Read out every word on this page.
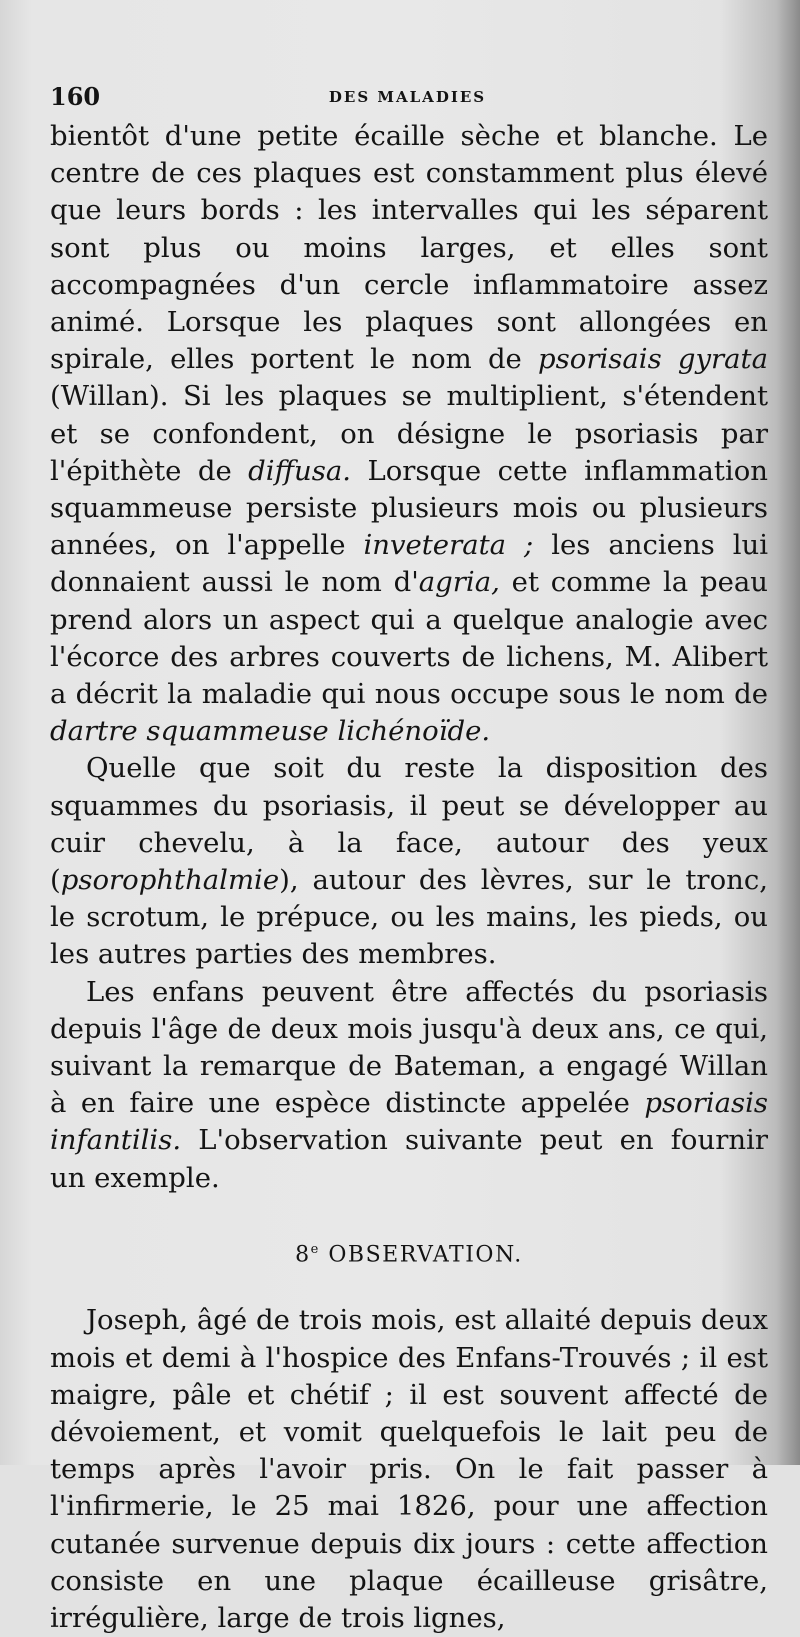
160	DES MALADIES

bientôt d'une petite écaille sèche et blanche. Le centre de ces plaques est constamment plus élevé que leurs bords : les intervalles qui les séparent sont plus ou moins larges, et elles sont accompagnées d'un cercle inflammatoire assez animé. Lorsque les plaques sont allongées en spirale, elles portent le nom de psorisais gyrata (Willan). Si les plaques se multiplient, s'étendent et se confondent, on désigne le psoriasis par l'épithète de diffusa. Lorsque cette inflammation squammeuse persiste plusieurs mois ou plusieurs années, on l'appelle inveterata ; les anciens lui donnaient aussi le nom d'agria, et comme la peau prend alors un aspect qui a quelque analogie avec l'écorce des arbres couverts de lichens, M. Alibert a décrit la maladie qui nous occupe sous le nom de dartre squammeuse lichénoïde.

Quelle que soit du reste la disposition des squammes du psoriasis, il peut se développer au cuir chevelu, à la face, autour des yeux (psorophthalmie), autour des lèvres, sur le tronc, le scrotum, le prépuce, ou les mains, les pieds, ou les autres parties des membres.

Les enfans peuvent être affectés du psoriasis depuis l'âge de deux mois jusqu'à deux ans, ce qui, suivant la remarque de Bateman, a engagé Willan à en faire une espèce distincte appelée psoriasis infantilis. L'observation suivante peut en fournir un exemple.

8e OBSERVATION.

Joseph, âgé de trois mois, est allaité depuis deux mois et demi à l'hospice des Enfans-Trouvés ; il est maigre, pâle et chétif ; il est souvent affecté de dévoiement, et vomit quelquefois le lait peu de temps après l'avoir pris. On le fait passer à l'infirmerie, le 25 mai 1826, pour une affection cutanée survenue depuis dix jours : cette affection consiste en une plaque écailleuse grisâtre, irrégulière, large de trois lignes,
